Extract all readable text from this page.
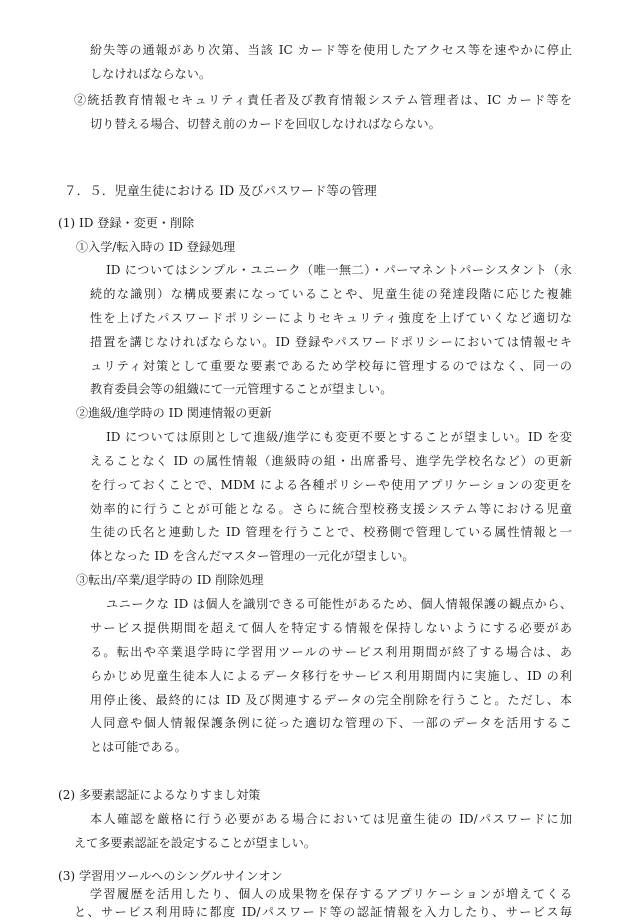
紛失等の通報があり次第、当該 IC カード等を使用したアクセス等を速やかに停止
しなければならない。
②統括教育情報セキュリティ責任者及び教育情報システム管理者は、IC カード等を
切り替える場合、切替え前のカードを回収しなければならない。
７．５．児童生徒における ID 及びパスワード等の管理
(1) ID 登録・変更・削除
①入学/転入時の ID 登録処理
ID についてはシンプル・ユニーク（唯一無二）・パーマネントパーシスタント（永
続的な識別）な構成要素になっていることや、児童生徒の発達段階に応じた複雑
性を上げたパスワードポリシーによりセキュリティ強度を上げていくなど適切な
措置を講じなければならない。ID 登録やパスワードポリシーにおいては情報セキ
ュリティ対策として重要な要素であるため学校毎に管理するのではなく、同一の
教育委員会等の組織にて一元管理することが望ましい。
②進級/進学時の ID 関連情報の更新
ID については原則として進級/進学にも変更不要とすることが望ましい。ID を変
えることなく ID の属性情報（進級時の組・出席番号、進学先学校名など）の更新
を行っておくことで、MDM による各種ポリシーや使用アプリケーションの変更を
効率的に行うことが可能となる。さらに統合型校務支援システム等における児童
生徒の氏名と連動した ID 管理を行うことで、校務側で管理している属性情報と一
体となった ID を含んだマスター管理の一元化が望ましい。
③転出/卒業/退学時の ID 削除処理
ユニークな ID は個人を識別できる可能性があるため、個人情報保護の観点から、
サービス提供期間を超えて個人を特定する情報を保持しないようにする必要があ
る。転出や卒業退学時に学習用ツールのサービス利用期間が終了する場合は、あ
らかじめ児童生徒本人によるデータ移行をサービス利用期間内に実施し、ID の利
用停止後、最終的には ID 及び関連するデータの完全削除を行うこと。ただし、本
人同意や個人情報保護条例に従った適切な管理の下、一部のデータを活用するこ
とは可能である。
(2) 多要素認証によるなりすまし対策
本人確認を厳格に行う必要がある場合においては児童生徒の ID/パスワードに加
えて多要素認証を設定することが望ましい。
(3) 学習用ツールへのシングルサインオン
学習履歴を活用したり、個人の成果物を保存するアプリケーションが増えてくる
と、サービス利用時に都度 ID/パスワード等の認証情報を入力したり、サービス毎
